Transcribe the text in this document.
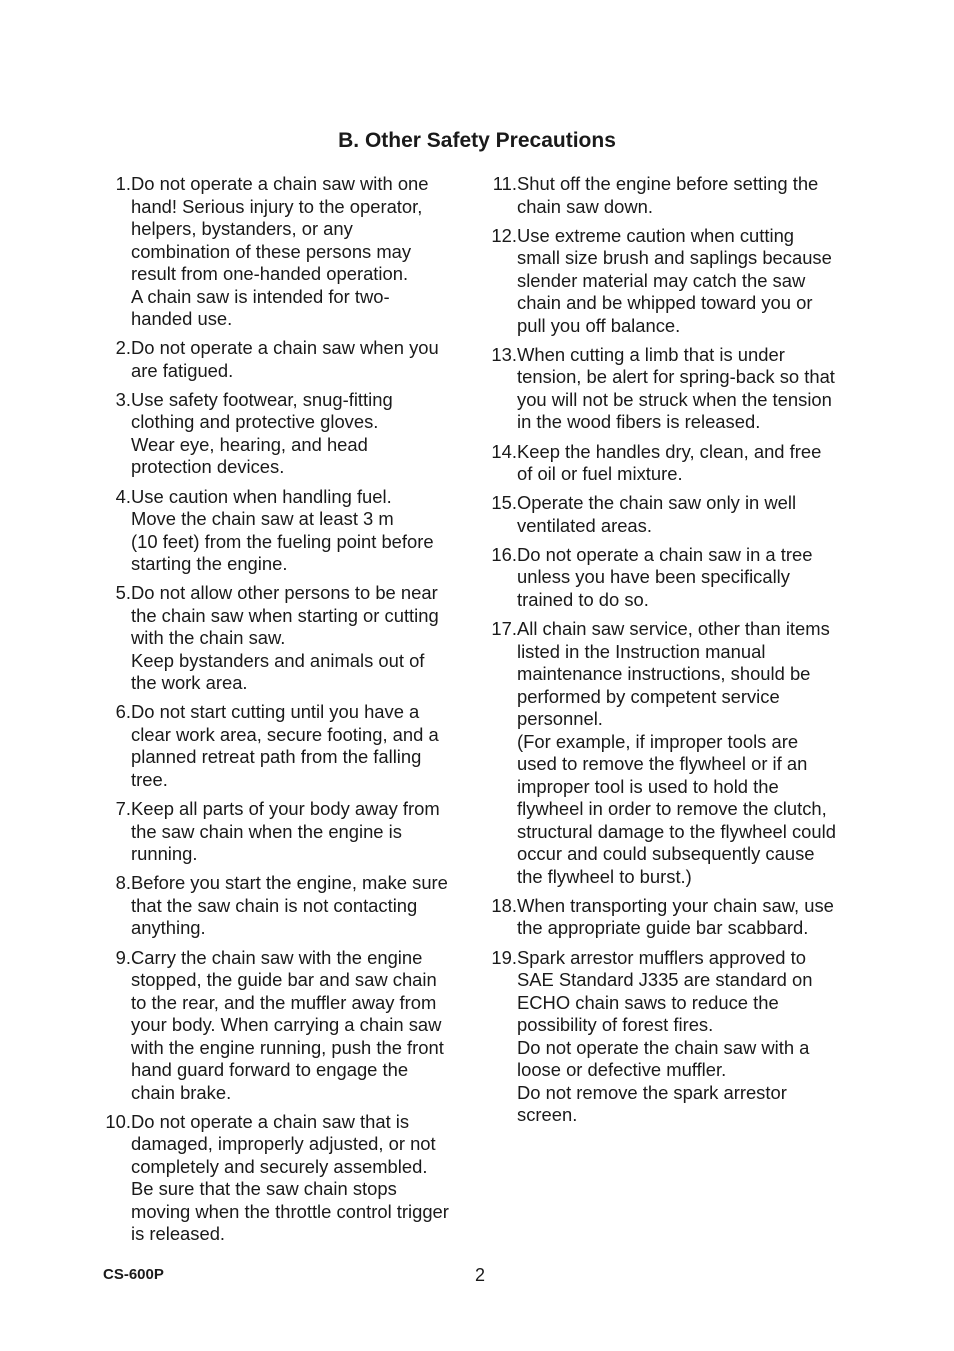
B. Other Safety Precautions
1. Do not operate a chain saw with one
hand! Serious injury to the operator,
helpers, bystanders, or any
combination of these persons may
result from one-handed operation.
A chain saw is intended for two-
handed use.
2. Do not operate a chain saw when you
are fatigued.
3. Use safety footwear, snug-fitting
clothing and protective gloves.
Wear eye, hearing, and head
protection devices.
4. Use caution when handling fuel.
Move the chain saw at least 3 m
(10 feet) from the fueling point before
starting the engine.
5. Do not allow other persons to be near
the chain saw when starting or cutting
with the chain saw.
Keep bystanders and animals out of
the work area.
6. Do not start cutting until you have a
clear work area, secure footing, and a
planned retreat path from the falling
tree.
7. Keep all parts of your body away from
the saw chain when the engine is
running.
8. Before you start the engine, make sure
that the saw chain is not contacting
anything.
9. Carry the chain saw with the engine
stopped, the guide bar and saw chain
to the rear, and the muffler away from
your body. When carrying a chain saw
with the engine running, push the front
hand guard forward to engage the
chain brake.
10. Do not operate a chain saw that is
damaged, improperly adjusted, or not
completely and securely assembled.
Be sure that the saw chain stops
moving when the throttle control trigger
is released.
11. Shut off the engine before setting the
chain saw down.
12. Use extreme caution when cutting
small size brush and saplings because
slender material may catch the saw
chain and be whipped toward you or
pull you off balance.
13. When cutting a limb that is under
tension, be alert for spring-back so that
you will not be struck when the tension
in the wood fibers is released.
14. Keep the handles dry, clean, and free
of oil or fuel mixture.
15. Operate the chain saw only in well
ventilated areas.
16. Do not operate a chain saw in a tree
unless you have been specifically
trained to do so.
17. All chain saw service, other than items
listed in the Instruction manual
maintenance instructions, should be
performed by competent service
personnel.
(For example, if improper tools are
used to remove the flywheel or if an
improper tool is used to hold the
flywheel in order to remove the clutch,
structural damage to the flywheel could
occur and could subsequently cause
the flywheel to burst.)
18. When transporting your chain saw, use
the appropriate guide bar scabbard.
19. Spark arrestor mufflers approved to
SAE Standard J335 are standard on
ECHO chain saws to reduce the
possibility of forest fires.
Do not operate the chain saw with a
loose or defective muffler.
Do not remove the spark arrestor
screen.
CS-600P	2
